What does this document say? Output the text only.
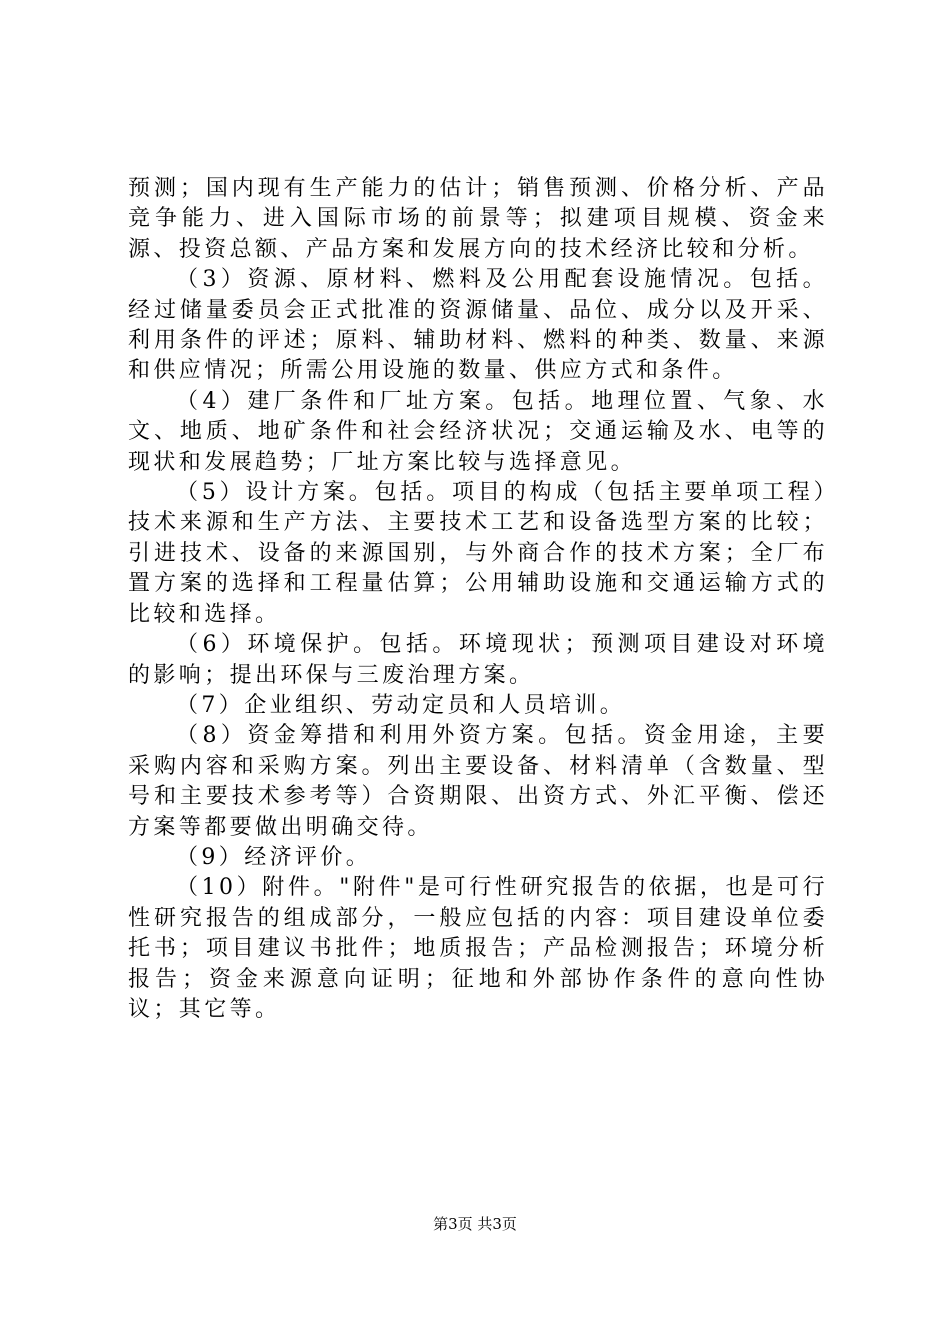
预测；国内现有生产能力的估计；销售预测、价格分析、产品竞争能力、进入国际市场的前景等；拟建项目规模、资金来源、投资总额、产品方案和发展方向的技术经济比较和分析。

（3）资源、原材料、燃料及公用配套设施情况。包括。经过储量委员会正式批准的资源储量、品位、成分以及开采、利用条件的评述；原料、辅助材料、燃料的种类、数量、来源和供应情况；所需公用设施的数量、供应方式和条件。

（4）建厂条件和厂址方案。包括。地理位置、气象、水文、地质、地矿条件和社会经济状况；交通运输及水、电等的现状和发展趋势；厂址方案比较与选择意见。

（5）设计方案。包括。项目的构成（包括主要单项工程）技术来源和生产方法、主要技术工艺和设备选型方案的比较；引进技术、设备的来源国别，与外商合作的技术方案；全厂布置方案的选择和工程量估算；公用辅助设施和交通运输方式的比较和选择。

（6）环境保护。包括。环境现状；预测项目建设对环境的影响；提出环保与三废治理方案。

（7）企业组织、劳动定员和人员培训。

（8）资金筹措和利用外资方案。包括。资金用途，主要采购内容和采购方案。列出主要设备、材料清单（含数量、型号和主要技术参考等）合资期限、出资方式、外汇平衡、偿还方案等都要做出明确交待。

（9）经济评价。

（10）附件。"附件"是可行性研究报告的依据，也是可行性研究报告的组成部分，一般应包括的内容：项目建设单位委托书；项目建议书批件；地质报告；产品检测报告；环境分析报告；资金来源意向证明；征地和外部协作条件的意向性协议；其它等。

第3页 共3页
